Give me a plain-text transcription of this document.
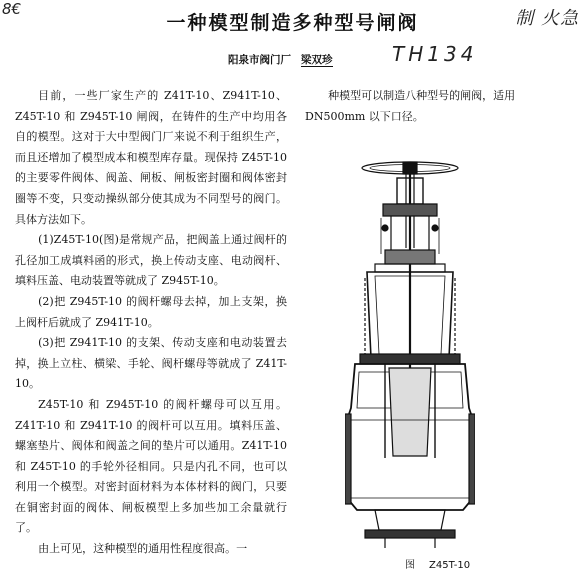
8€	制 火急
一种模型制造多种型号闸阀
阳泉市阀门厂 梁双珍	TH134

目前，一些厂家生产的 Z41T-10、Z941T-10、Z45T-10 和 Z945T-10 闸阀，在铸件的生产中均用各自的模型。这对于大中型阀门厂来说不利于组织生产，而且还增加了模型成本和模型库存量。现保持 Z45T-10 的主要零件阀体、阀盖、闸板、闸板密封圈和阀体密封圈等不变，只变动操纵部分使其成为不同型号的阀门。具体方法如下。

(1)Z45T-10(图)是常规产品，把阀盖上通过阀杆的孔径加工成填料函的形式，换上传动支座、电动阀杆、填料压盖、电动装置等就成了 Z945T-10。

(2)把 Z945T-10 的阀杆螺母去掉，加上支架，换上阀杆后就成了 Z941T-10。

(3)把 Z941T-10 的支架、传动支座和电动装置去掉，换上立柱、横梁、手轮、阀杆螺母等就成了 Z41T-10。

Z45T-10 和 Z945T-10 的阀杆螺母可以互用。Z41T-10 和 Z941T-10 的阀杆可以互用。填料压盖、螺塞垫片、阀体和阀盖之间的垫片可以通用。Z41T-10 和 Z45T-10 的手轮外径相同。只是内孔不同，也可以利用一个模型。对密封面材料为本体材料的阀门，只要在铜密封面的阀体、闸板模型上多加些加工余量就行了。

由上可见，这种模型的通用性程度很高。一

种模型可以制造八种型号的闸阀，适用 DN500mm 以下口径。

图 Z45T-10
